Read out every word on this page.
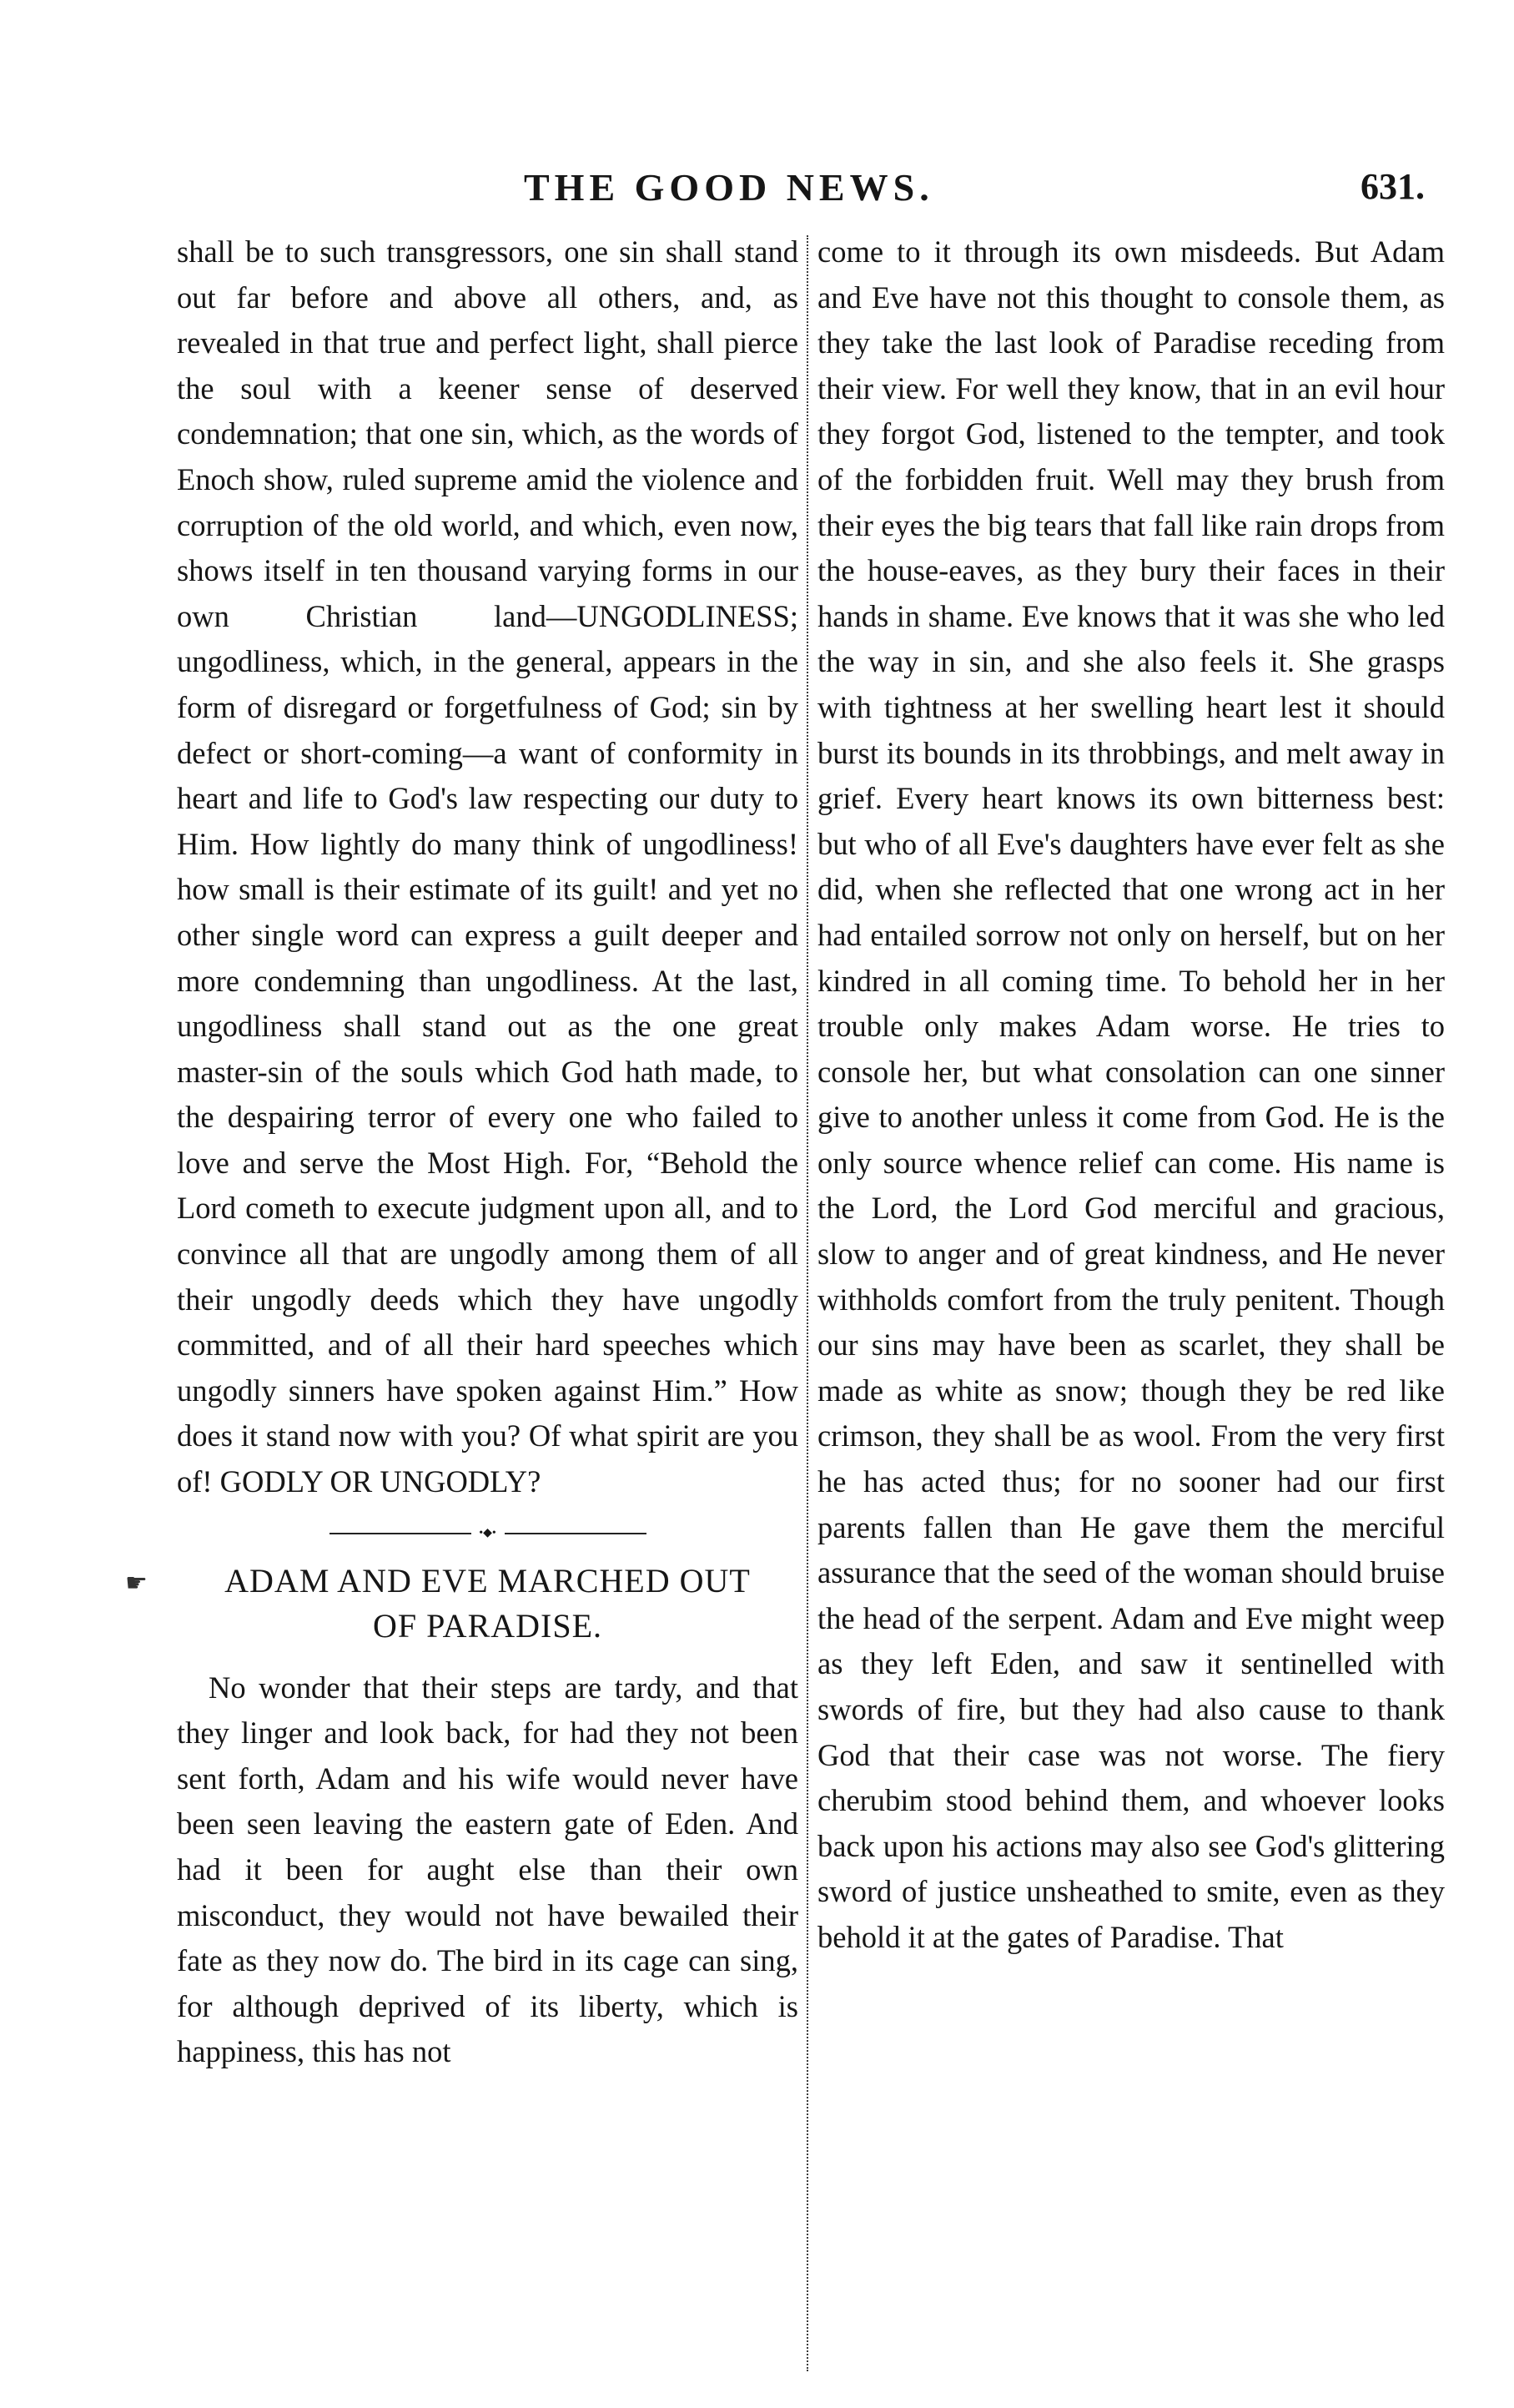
THE GOOD NEWS.	631.
☛

shall be to such transgressors, one sin shall stand out far before and above all others, and, as revealed in that true and perfect light, shall pierce the soul with a keener sense of deserved condemnation; that one sin, which, as the words of Enoch show, ruled supreme amid the violence and corruption of the old world, and which, even now, shows itself in ten thousand varying forms in our own Christian land—UNGODLINESS; ungodliness, which, in the general, appears in the form of disregard or forgetfulness of God; sin by defect or short-coming—a want of conformity in heart and life to God's law respecting our duty to Him. How lightly do many think of ungodliness! how small is their estimate of its guilt! and yet no other single word can express a guilt deeper and more condemning than ungodliness. At the last, ungodliness shall stand out as the one great master-sin of the souls which God hath made, to the despairing terror of every one who failed to love and serve the Most High. For, “Behold the Lord cometh to execute judgment upon all, and to convince all that are ungodly among them of all their ungodly deeds which they have ungodly committed, and of all their hard speeches which ungodly sinners have spoken against Him.” How does it stand now with you? Of what spirit are you of! GODLY OR UNGODLY?

•◆•
ADAM AND EVE MARCHED OUT
OF PARADISE.

No wonder that their steps are tardy, and that they linger and look back, for had they not been sent forth, Adam and his wife would never have been seen leaving the eastern gate of Eden. And had it been for aught else than their own misconduct, they would not have bewailed their fate as they now do. The bird in its cage can sing, for although deprived of its liberty, which is happiness, this has not

come to it through its own misdeeds. But Adam and Eve have not this thought to console them, as they take the last look of Paradise receding from their view. For well they know, that in an evil hour they forgot God, listened to the tempter, and took of the forbidden fruit. Well may they brush from their eyes the big tears that fall like rain drops from the house-eaves, as they bury their faces in their hands in shame. Eve knows that it was she who led the way in sin, and she also feels it. She grasps with tightness at her swelling heart lest it should burst its bounds in its throbbings, and melt away in grief. Every heart knows its own bitterness best: but who of all Eve's daughters have ever felt as she did, when she reflected that one wrong act in her had entailed sorrow not only on herself, but on her kindred in all coming time. To behold her in her trouble only makes Adam worse. He tries to console her, but what consolation can one sinner give to another unless it come from God. He is the only source whence relief can come. His name is the Lord, the Lord God merciful and gracious, slow to anger and of great kindness, and He never withholds comfort from the truly penitent. Though our sins may have been as scarlet, they shall be made as white as snow; though they be red like crimson, they shall be as wool. From the very first he has acted thus; for no sooner had our first parents fallen than He gave them the merciful assurance that the seed of the woman should bruise the head of the serpent. Adam and Eve might weep as they left Eden, and saw it sentinelled with swords of fire, but they had also cause to thank God that their case was not worse. The fiery cherubim stood behind them, and whoever looks back upon his actions may also see God's glittering sword of justice unsheathed to smite, even as they behold it at the gates of Paradise. That
